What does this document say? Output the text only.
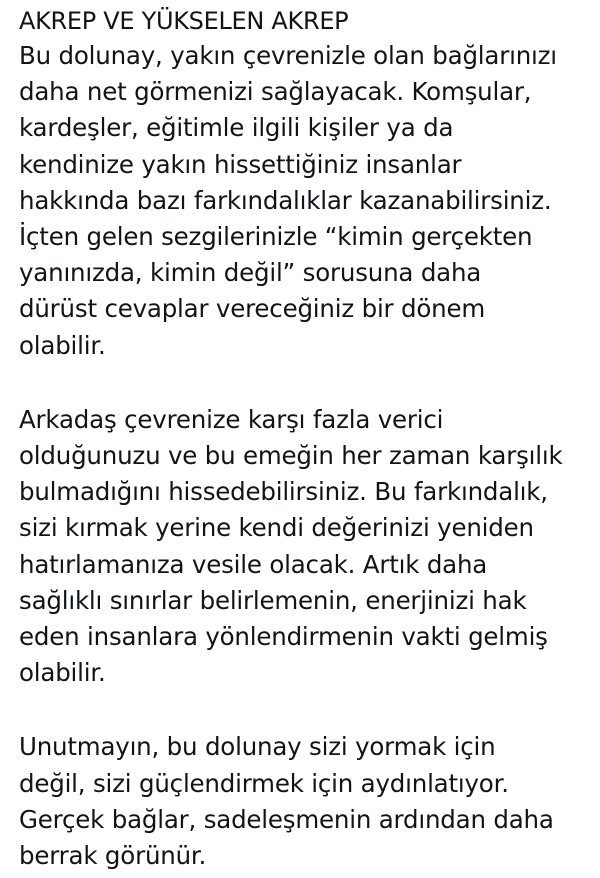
AKREP VE YÜKSELEN AKREP
Bu dolunay, yakın çevrenizle olan bağlarınızı
daha net görmenizi sağlayacak. Komşular,
kardeşler, eğitimle ilgili kişiler ya da
kendinize yakın hissettiğiniz insanlar
hakkında bazı farkındalıklar kazanabilirsiniz.
İçten gelen sezgilerinizle “kimin gerçekten
yanınızda, kimin değil” sorusuna daha
dürüst cevaplar vereceğiniz bir dönem
olabilir.
Arkadaş çevrenize karşı fazla verici
olduğunuzu ve bu emeğin her zaman karşılık
bulmadığını hissedebilirsiniz. Bu farkındalık,
sizi kırmak yerine kendi değerinizi yeniden
hatırlamanıza vesile olacak. Artık daha
sağlıklı sınırlar belirlemenin, enerjinizi hak
eden insanlara yönlendirmenin vakti gelmiş
olabilir.
Unutmayın, bu dolunay sizi yormak için
değil, sizi güçlendirmek için aydınlatıyor.
Gerçek bağlar, sadeleşmenin ardından daha
berrak görünür.
